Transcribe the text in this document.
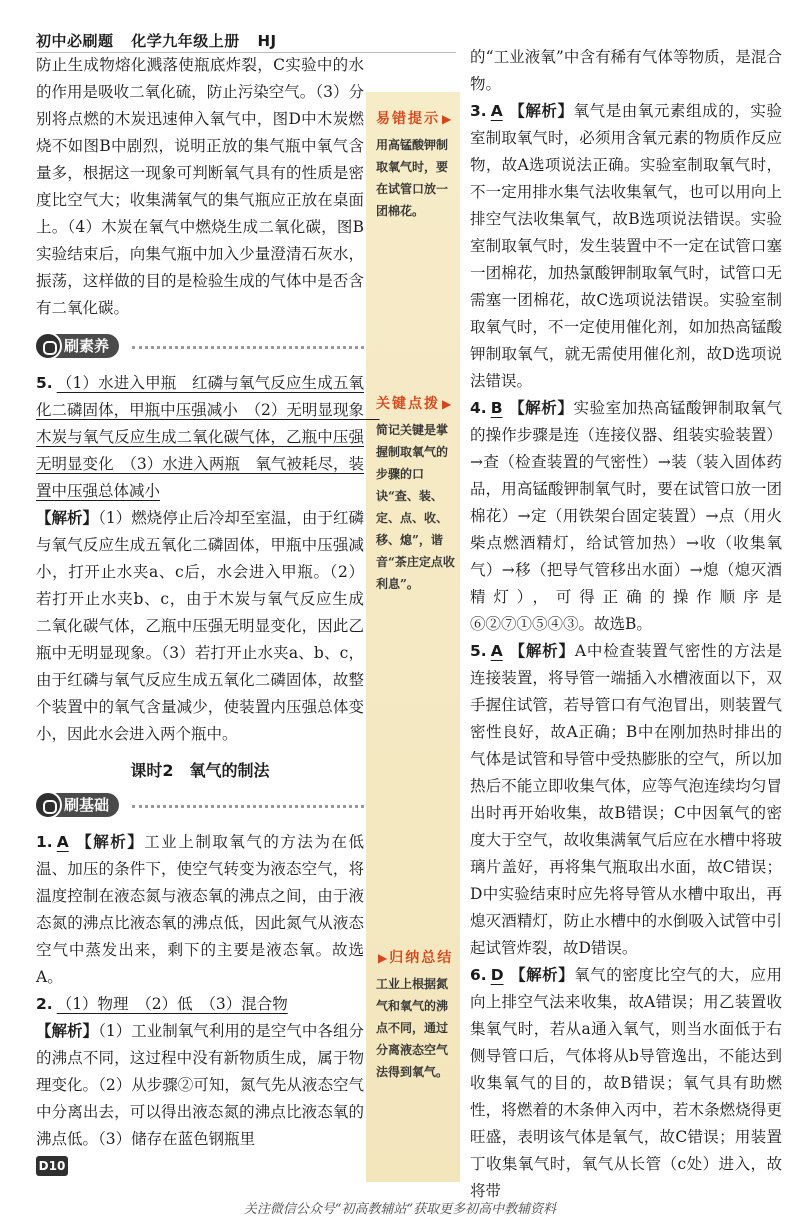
初中必刷题 化学九年级上册 HJ

防止生成物熔化溅落使瓶底炸裂，C实验中的水的作用是吸收二氧化硫，防止污染空气。（3）分别将点燃的木炭迅速伸入氧气中，图D中木炭燃烧不如图B中剧烈，说明正放的集气瓶中氧气含量多，根据这一现象可判断氧气具有的性质是密度比空气大；收集满氧气的集气瓶应正放在桌面上。（4）木炭在氧气中燃烧生成二氧化碳，图B实验结束后，向集气瓶中加入少量澄清石灰水，振荡，这样做的目的是检验生成的气体中是否含有二氧化碳。

刷素养

5. （1）水进入甲瓶　红磷与氧气反应生成五氧化二磷固体，甲瓶中压强减小　（2）无明显现象　木炭与氧气反应生成二氧化碳气体，乙瓶中压强无明显变化　（3）水进入两瓶　氧气被耗尽，装置中压强总体减小

【解析】（1）燃烧停止后冷却至室温，由于红磷与氧气反应生成五氧化二磷固体，甲瓶中压强减小，打开止水夹a、c后，水会进入甲瓶。（2）若打开止水夹b、c，由于木炭与氧气反应生成二氧化碳气体，乙瓶中压强无明显变化，因此乙瓶中无明显现象。（3）若打开止水夹a、b、c，由于红磷与氧气反应生成五氧化二磷固体，故整个装置中的氧气含量减少，使装置内压强总体变小，因此水会进入两个瓶中。

课时2　氧气的制法
刷基础

1. A 【解析】工业上制取氧气的方法为在低温、加压的条件下，使空气转变为液态空气，将温度控制在液态氮与液态氧的沸点之间，由于液态氮的沸点比液态氧的沸点低，因此氮气从液态空气中蒸发出来，剩下的主要是液态氧。故选A。

2. （1）物理　（2）低　（3）混合物

【解析】（1）工业制氧气利用的是空气中各组分的沸点不同，这过程中没有新物质生成，属于物理变化。（2）从步骤②可知，氮气先从液态空气中分离出去，可以得出液态氮的沸点比液态氧的沸点低。（3）储存在蓝色钢瓶里

易错提示 ▶
用高锰酸钾制取氧气时，要在试管口放一团棉花。
关键点拨 ▶
简记关键是掌握制取氧气的步骤的口诀“查、装、定、点、收、移、熄”，谐音“茶庄定点收利息”。
▶归纳总结
工业上根据氮气和氧气的沸点不同，通过分离液态空气法得到氧气。

的“工业液氧”中含有稀有气体等物质，是混合物。

3. A 【解析】氧气是由氧元素组成的，实验室制取氧气时，必须用含氧元素的物质作反应物，故A选项说法正确。实验室制取氧气时，不一定用排水集气法收集氧气，也可以用向上排空气法收集氧气，故B选项说法错误。实验室制取氧气时，发生装置中不一定在试管口塞一团棉花，加热氯酸钾制取氧气时，试管口无需塞一团棉花，故C选项说法错误。实验室制取氧气时，不一定使用催化剂，如加热高锰酸钾制取氧气，就无需使用催化剂，故D选项说法错误。

4. B 【解析】实验室加热高锰酸钾制取氧气的操作步骤是连（连接仪器、组装实验装置）→查（检查装置的气密性）→装（装入固体药品，用高锰酸钾制氧气时，要在试管口放一团棉花）→定（用铁架台固定装置）→点（用火柴点燃酒精灯，给试管加热）→收（收集氧气）→移（把导气管移出水面）→熄（熄灭酒精灯），可得正确的操作顺序是⑥②⑦①⑤④③。故选B。

5. A 【解析】A中检查装置气密性的方法是连接装置，将导管一端插入水槽液面以下，双手握住试管，若导管口有气泡冒出，则装置气密性良好，故A正确；B中在刚加热时排出的气体是试管和导管中受热膨胀的空气，所以加热后不能立即收集气体，应等气泡连续均匀冒出时再开始收集，故B错误；C中因氧气的密度大于空气，故收集满氧气后应在水槽中将玻璃片盖好，再将集气瓶取出水面，故C错误；D中实验结束时应先将导管从水槽中取出，再熄灭酒精灯，防止水槽中的水倒吸入试管中引起试管炸裂，故D错误。

6. D 【解析】氧气的密度比空气的大，应用向上排空气法来收集，故A错误；用乙装置收集氧气时，若从a通入氧气，则当水面低于右侧导管口后，气体将从b导管逸出，不能达到收集氧气的目的，故B错误；氧气具有助燃性，将燃着的木条伸入丙中，若木条燃烧得更旺盛，表明该气体是氧气，故C错误；用装置丁收集氧气时，氧气从长管（c处）进入，故将带

D10
关注微信公众号“初高教辅站”获取更多初高中教辅资料
